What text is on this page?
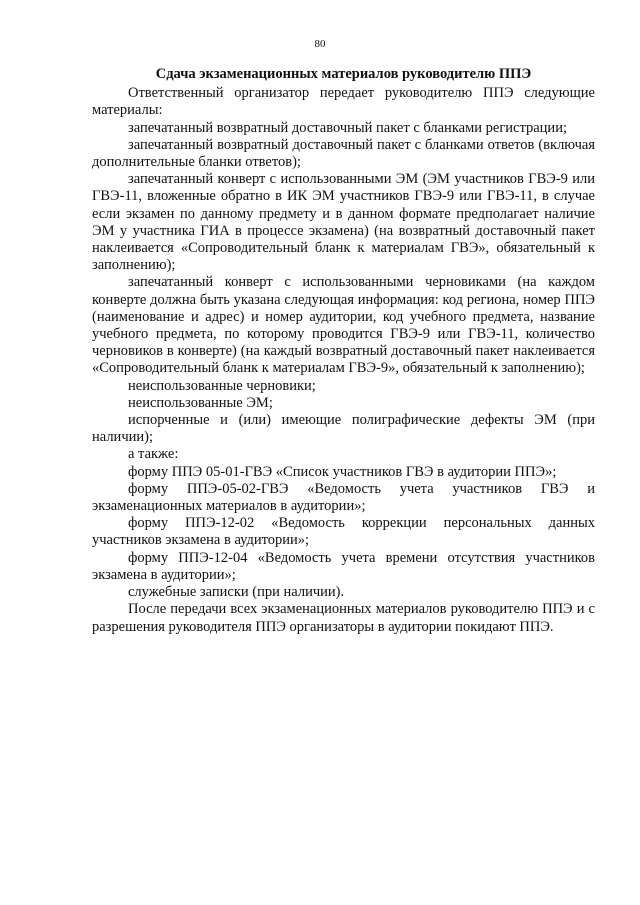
80

Сдача экзаменационных материалов руководителю ППЭ

Ответственный организатор передает руководителю ППЭ следующие материалы:

запечатанный возвратный доставочный пакет с бланками регистрации;

запечатанный возвратный доставочный пакет с бланками ответов (включая дополнительные бланки ответов);

запечатанный конверт с использованными ЭМ (ЭМ участников ГВЭ-9 или ГВЭ-11, вложенные обратно в ИК ЭМ участников ГВЭ-9 или ГВЭ-11, в случае если экзамен по данному предмету и в данном формате предполагает наличие ЭМ у участника ГИА в процессе экзамена) (на возвратный доставочный пакет наклеивается «Сопроводительный бланк к материалам ГВЭ», обязательный к заполнению);

запечатанный конверт с использованными черновиками (на каждом конверте должна быть указана следующая информация: код региона, номер ППЭ (наименование и адрес) и номер аудитории, код учебного предмета, название учебного предмета, по которому проводится ГВЭ-9 или ГВЭ-11, количество черновиков в конверте) (на каждый возвратный доставочный пакет наклеивается «Сопроводительный бланк к материалам ГВЭ-9», обязательный к заполнению);

неиспользованные черновики;

неиспользованные ЭМ;

испорченные и (или) имеющие полиграфические дефекты ЭМ (при наличии);

а также:

форму ППЭ 05-01-ГВЭ «Список участников ГВЭ в аудитории ППЭ»;

форму ППЭ-05-02-ГВЭ «Ведомость учета участников ГВЭ и экзаменационных материалов в аудитории»;

форму ППЭ-12-02 «Ведомость коррекции персональных данных участников экзамена в аудитории»;

форму ППЭ-12-04 «Ведомость учета времени отсутствия участников экзамена в аудитории»;

служебные записки (при наличии).

После передачи всех экзаменационных материалов руководителю ППЭ и с разрешения руководителя ППЭ организаторы в аудитории покидают ППЭ.
